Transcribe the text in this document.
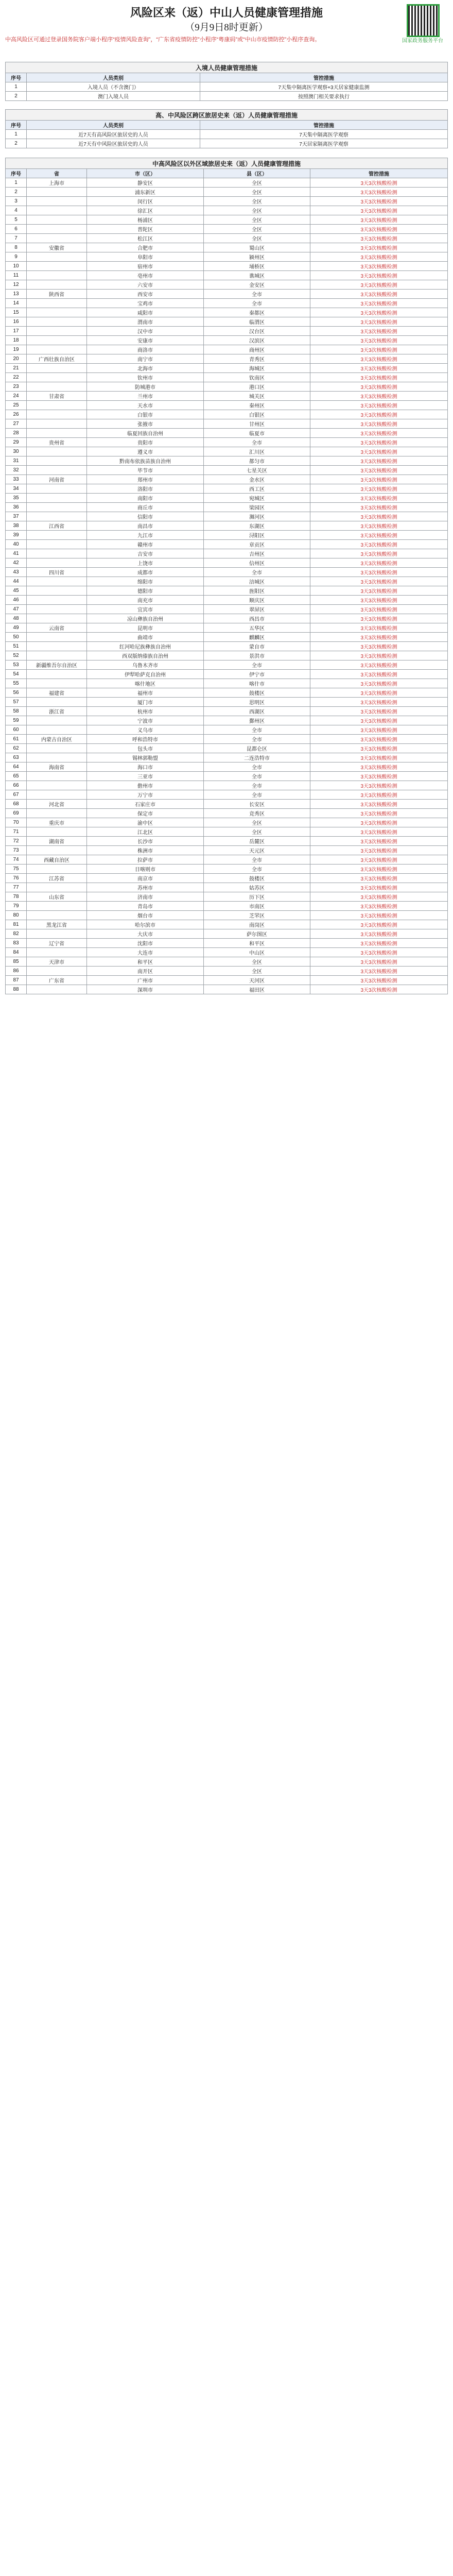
风险区来（返）中山人员健康管理措施
（9月9日8时更新）
中高风险区可通过登录国务院客户端小程序“疫情风险查询”，“广东省疫情防控”小程序“粤康码”或“中山市疫情防控”小程序查询。	国家政务服务平台
入境人员健康管理措施		
序号	人员类别	管控措施
1	入境人员（不含澳门）	7天集中隔离医学观察+3天居家健康监测
2	澳门入境人员	按照澳门相关要求执行
高、中风险区跨区旅居史来（返）人员健康管理措施		
序号	人员类别	管控措施
1	近7天有高风险区旅居史的人员	7天集中隔离医学观察
2	近7天有中风险区旅居史的人员	7天居家隔离医学观察
中高风险区以外区域旅居史来（返）人员健康管理措施				
序号	省	市（区）	县（区）	管控措施
1	上海市	静安区	全区	3天3次核酸检测
2		浦东新区	全区	3天3次核酸检测
3		闵行区	全区	3天3次核酸检测
4		徐汇区	全区	3天3次核酸检测
5		杨浦区	全区	3天3次核酸检测
6		普陀区	全区	3天3次核酸检测
7		松江区	全区	3天3次核酸检测
8	安徽省	合肥市	蜀山区	3天3次核酸检测
9		阜阳市	颍州区	3天3次核酸检测
10		宿州市	埇桥区	3天3次核酸检测
11		亳州市	谯城区	3天3次核酸检测
12		六安市	金安区	3天3次核酸检测
13	陕西省	西安市	全市	3天3次核酸检测
14		宝鸡市	全市	3天3次核酸检测
15		咸阳市	秦都区	3天3次核酸检测
16		渭南市	临渭区	3天3次核酸检测
17		汉中市	汉台区	3天3次核酸检测
18		安康市	汉滨区	3天3次核酸检测
19		商洛市	商州区	3天3次核酸检测
20	广西壮族自治区	南宁市	青秀区	3天3次核酸检测
21		北海市	海城区	3天3次核酸检测
22		钦州市	钦南区	3天3次核酸检测
23		防城港市	港口区	3天3次核酸检测
24	甘肃省	兰州市	城关区	3天3次核酸检测
25		天水市	秦州区	3天3次核酸检测
26		白银市	白银区	3天3次核酸检测
27		张掖市	甘州区	3天3次核酸检测
28		临夏回族自治州	临夏市	3天3次核酸检测
29	贵州省	贵阳市	全市	3天3次核酸检测
30		遵义市	汇川区	3天3次核酸检测
31		黔南布依族苗族自治州	都匀市	3天3次核酸检测
32		毕节市	七星关区	3天3次核酸检测
33	河南省	郑州市	金水区	3天3次核酸检测
34		洛阳市	西工区	3天3次核酸检测
35		南阳市	宛城区	3天3次核酸检测
36		商丘市	梁园区	3天3次核酸检测
37		信阳市	浉河区	3天3次核酸检测
38	江西省	南昌市	东湖区	3天3次核酸检测
39		九江市	浔阳区	3天3次核酸检测
40		赣州市	章贡区	3天3次核酸检测
41		吉安市	吉州区	3天3次核酸检测
42		上饶市	信州区	3天3次核酸检测
43	四川省	成都市	全市	3天3次核酸检测
44		绵阳市	涪城区	3天3次核酸检测
45		德阳市	旌阳区	3天3次核酸检测
46		南充市	顺庆区	3天3次核酸检测
47		宜宾市	翠屏区	3天3次核酸检测
48		凉山彝族自治州	西昌市	3天3次核酸检测
49	云南省	昆明市	五华区	3天3次核酸检测
50		曲靖市	麒麟区	3天3次核酸检测
51		红河哈尼族彝族自治州	蒙自市	3天3次核酸检测
52		西双版纳傣族自治州	景洪市	3天3次核酸检测
53	新疆维吾尔自治区	乌鲁木齐市	全市	3天3次核酸检测
54		伊犁哈萨克自治州	伊宁市	3天3次核酸检测
55		喀什地区	喀什市	3天3次核酸检测
56	福建省	福州市	鼓楼区	3天3次核酸检测
57		厦门市	思明区	3天3次核酸检测
58	浙江省	杭州市	西湖区	3天3次核酸检测
59		宁波市	鄞州区	3天3次核酸检测
60		义乌市	全市	3天3次核酸检测
61	内蒙古自治区	呼和浩特市	全市	3天3次核酸检测
62		包头市	昆都仑区	3天3次核酸检测
63		锡林郭勒盟	二连浩特市	3天3次核酸检测
64	海南省	海口市	全市	3天3次核酸检测
65		三亚市	全市	3天3次核酸检测
66		儋州市	全市	3天3次核酸检测
67		万宁市	全市	3天3次核酸检测
68	河北省	石家庄市	长安区	3天3次核酸检测
69		保定市	竞秀区	3天3次核酸检测
70	重庆市	渝中区	全区	3天3次核酸检测
71		江北区	全区	3天3次核酸检测
72	湖南省	长沙市	岳麓区	3天3次核酸检测
73		株洲市	天元区	3天3次核酸检测
74	西藏自治区	拉萨市	全市	3天3次核酸检测
75		日喀则市	全市	3天3次核酸检测
76	江苏省	南京市	鼓楼区	3天3次核酸检测
77		苏州市	姑苏区	3天3次核酸检测
78	山东省	济南市	历下区	3天3次核酸检测
79		青岛市	市南区	3天3次核酸检测
80		烟台市	芝罘区	3天3次核酸检测
81	黑龙江省	哈尔滨市	南岗区	3天3次核酸检测
82		大庆市	萨尔图区	3天3次核酸检测
83	辽宁省	沈阳市	和平区	3天3次核酸检测
84		大连市	中山区	3天3次核酸检测
85	天津市	和平区	全区	3天3次核酸检测
86		南开区	全区	3天3次核酸检测
87	广东省	广州市	天河区	3天3次核酸检测
88		深圳市	福田区	3天3次核酸检测
